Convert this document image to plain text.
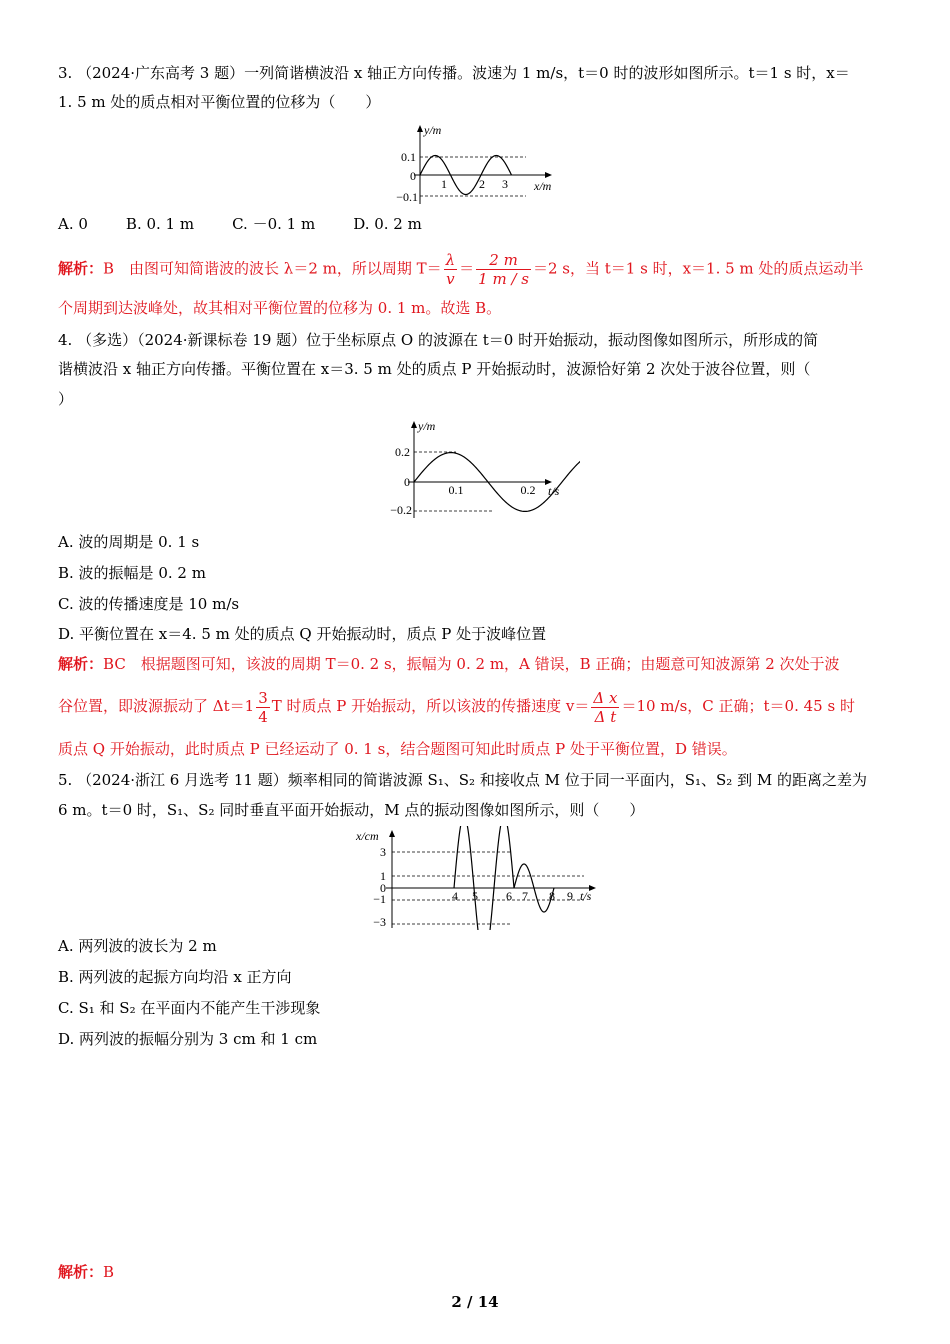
3. （2024·广东高考 3 题）一列简谐横波沿 x 轴正方向传播。波速为 1 m/s，t＝0 时的波形如图所示。t＝1 s 时，x＝
1. 5 m 处的质点相对平衡位置的位移为（　　）
y/m
x/m
0.1
0
−0.1
1	2 3
A. 0	B. 0. 1 m	C. －0. 1 m	D. 0. 2 m
解析：B　由图可知简谐波的波长 λ＝2 m，所以周期 $T= \frac{\lambda}{v} = \frac{2 m}{1 m / s} =2$ s，当 t＝1 s 时，x＝1. 5 m 处的质点运动半
个周期到达波峰处，故其相对平衡位置的位移为 0. 1 m。故选 B。
4. （多选）（2024·新课标卷 19 题）位于坐标原点 O 的波源在 t＝0 时开始振动，振动图像如图所示，所形成的简
谐横波沿 x 轴正方向传播。平衡位置在 x＝3. 5 m 处的质点 P 开始振动时，波源恰好第 2 次处于波谷位置，则（
）
y/m
t/s
0.2
0
−0.2
0.1	0.2
A. 波的周期是 0. 1 s
B. 波的振幅是 0. 2 m
C. 波的传播速度是 10 m/s
D. 平衡位置在 x＝4. 5 m 处的质点 Q 开始振动时，质点 P 处于波峰位置
解析：BC　根据题图可知，该波的周期 T＝0. 2 s，振幅为 0. 2 m，A 错误，B 正确；由题意可知波源第 2 次处于波
谷位置，即波源振动了 $\Delta t=1 \frac{3}{4}$ T 时质点 P 开始振动，所以该波的传播速度 $v= \frac{\text{Δ x}}{\text{Δ t}} =10$ m/s，C 正确；t＝0. 45 s 时
质点 Q 开始振动，此时质点 P 已经运动了 0. 1 s，结合题图可知此时质点 P 处于平衡位置，D 错误。
5. （2024·浙江 6 月选考 11 题）频率相同的简谐波源 S₁、S₂ 和接收点 M 位于同一平面内，S₁、S₂ 到 M 的距离之差为
6 m。t＝0 时，S₁、S₂ 同时垂直平面开始振动，M 点的振动图像如图所示，则（　　）
x/cm
t/s
3
1
0
−1
−3
4 5 6 7 8 9
A. 两列波的波长为 2 m
B. 两列波的起振方向均沿 x 正方向
C. S₁ 和 S₂ 在平面内不能产生干涉现象
D. 两列波的振幅分别为 3 cm 和 1 cm
解析：B
2 / 14
